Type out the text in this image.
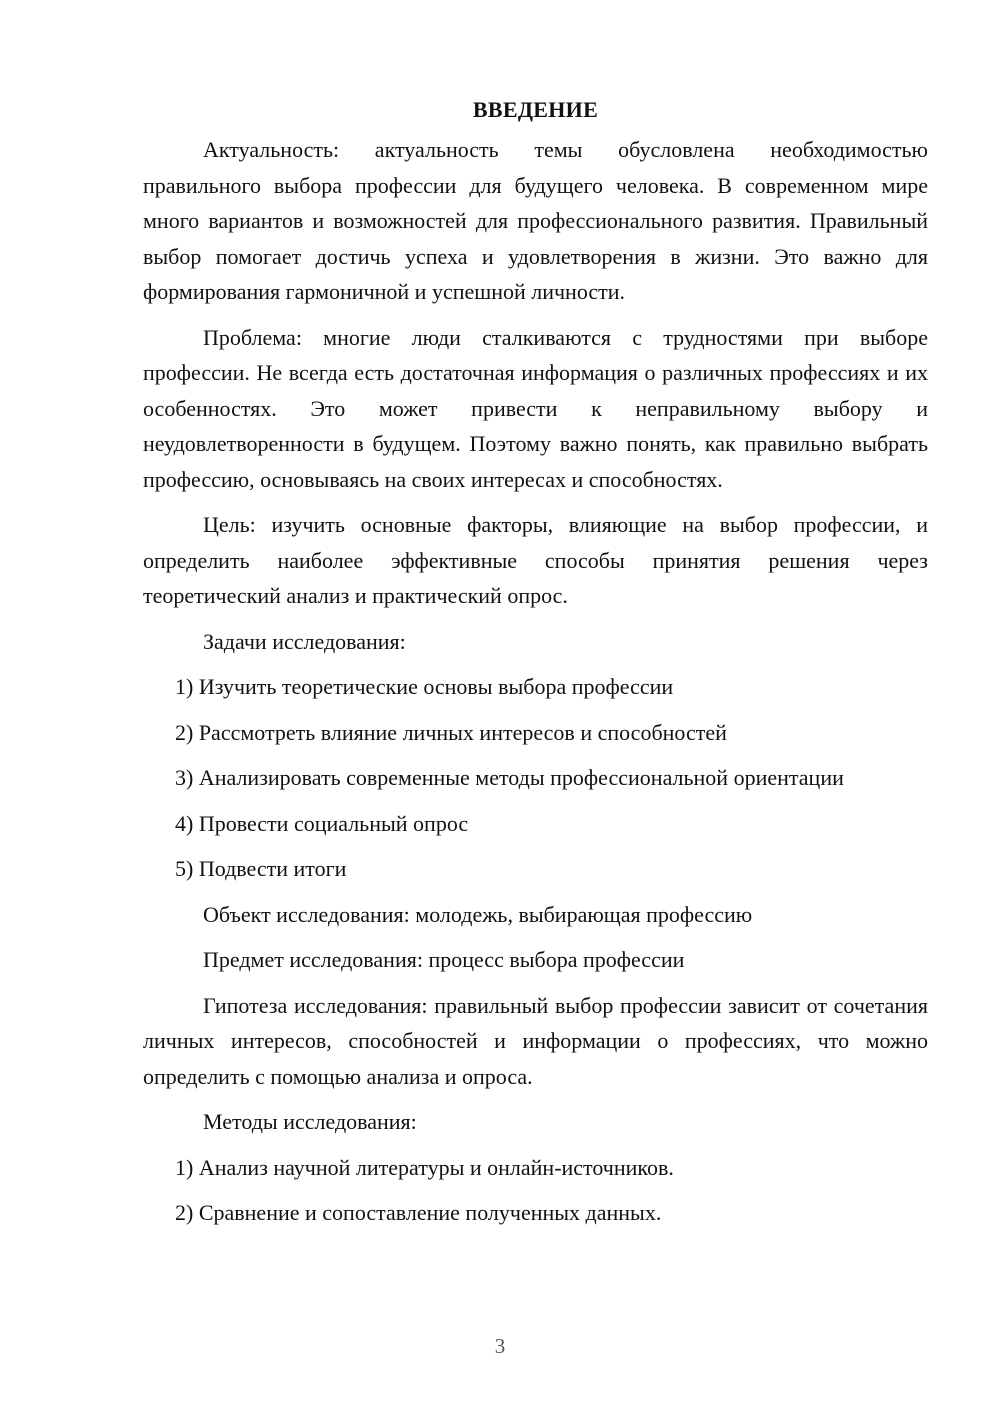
ВВЕДЕНИЕ

Актуальность: актуальность темы обусловлена необходимостью правильного выбора профессии для будущего человека. В современном мире много вариантов и возможностей для профессионального развития. Правильный выбор помогает достичь успеха и удовлетворения в жизни. Это важно для формирования гармоничной и успешной личности.

Проблема: многие люди сталкиваются с трудностями при выборе профессии. Не всегда есть достаточная информация о различных профессиях и их особенностях. Это может привести к неправильному выбору и неудовлетворенности в будущем. Поэтому важно понять, как правильно выбрать профессию, основываясь на своих интересах и способностях.

Цель: изучить основные факторы, влияющие на выбор профессии, и определить наиболее эффективные способы принятия решения через теоретический анализ и практический опрос.

Задачи исследования:

1) Изучить теоретические основы выбора профессии

2) Рассмотреть влияние личных интересов и способностей

3) Анализировать современные методы профессиональной ориентации

4) Провести социальный опрос

5) Подвести итоги

Объект исследования: молодежь, выбирающая профессию

Предмет исследования: процесс выбора профессии

Гипотеза исследования: правильный выбор профессии зависит от сочетания личных интересов, способностей и информации о профессиях, что можно определить с помощью анализа и опроса.

Методы исследования:

1) Анализ научной литературы и онлайн-источников.

2) Сравнение и сопоставление полученных данных.

3
